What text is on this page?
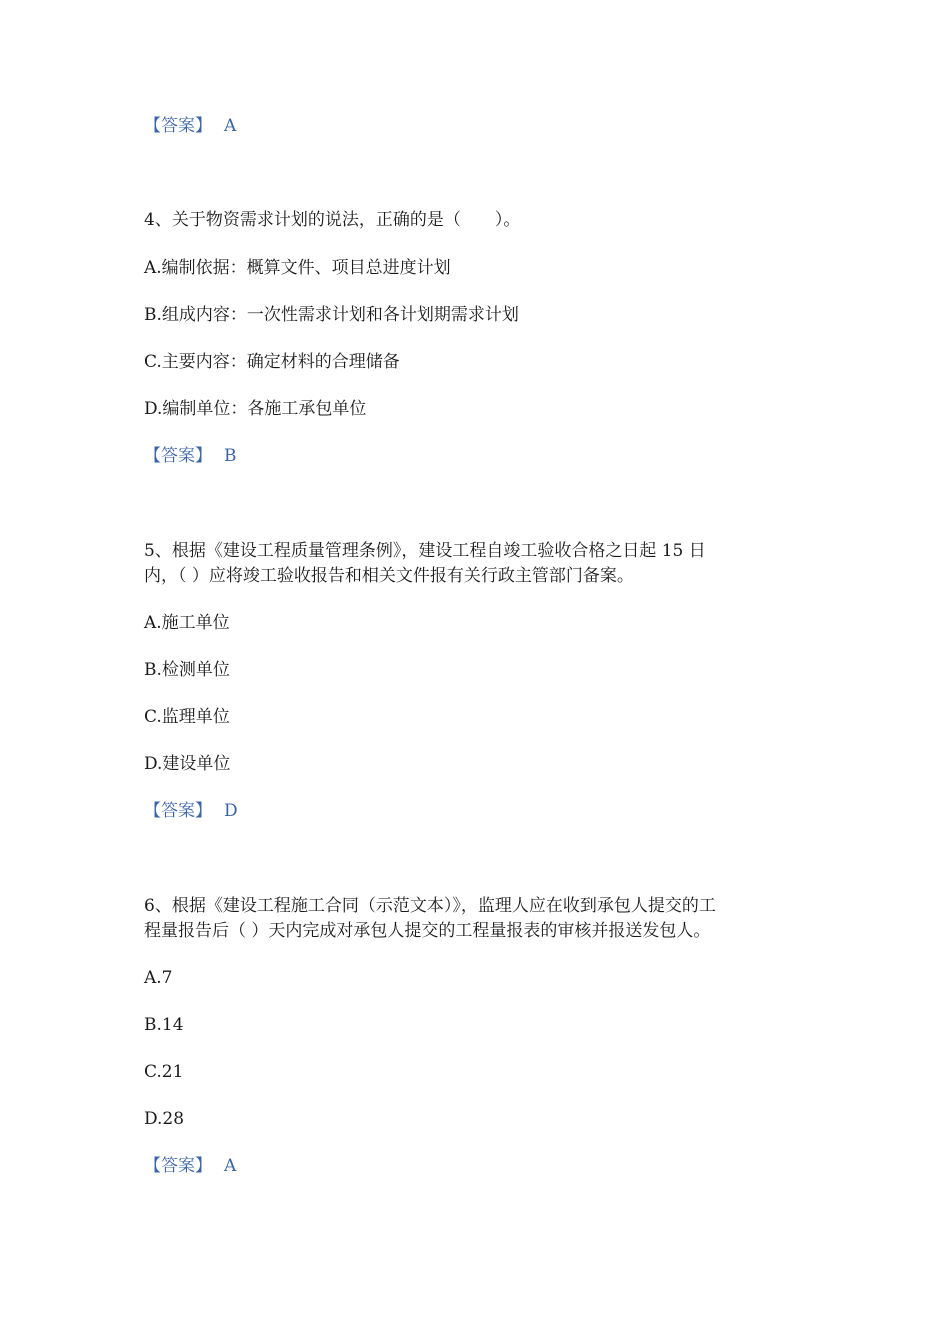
【答案】 A
4、关于物资需求计划的说法，正确的是（　　）。
A.编制依据：概算文件、项目总进度计划
B.组成内容：一次性需求计划和各计划期需求计划
C.主要内容：确定材料的合理储备
D.编制单位：各施工承包单位
【答案】 B
5、根据《建设工程质量管理条例》，建设工程自竣工验收合格之日起 15 日
内，（ ）应将竣工验收报告和相关文件报有关行政主管部门备案。
A.施工单位
B.检测单位
C.监理单位
D.建设单位
【答案】 D
6、根据《建设工程施工合同（示范文本）》，监理人应在收到承包人提交的工
程量报告后（ ）天内完成对承包人提交的工程量报表的审核并报送发包人。
A.7
B.14
C.21
D.28
【答案】 A
